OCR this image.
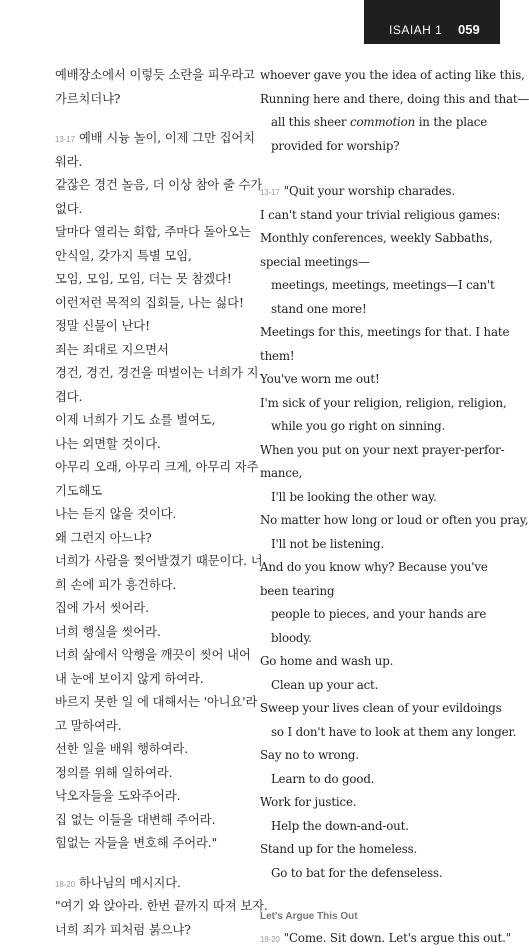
ISAIAH 1 059
예배장소에서 이렇듯 소란을 피우라고
가르치더냐?
13-17 예배 시늉 놀이, 이제 그만 집어치
워라.
같잖은 경건 놀음, 더 이상 참아 줄 수가
없다.
달마다 열리는 회합, 주마다 돌아오는
안식일, 갖가지 특별 모임,
모임, 모임, 모임, 더는 못 참겠다!
이런저런 목적의 집회들, 나는 싫다!
정말 신물이 난다!
죄는 죄대로 지으면서
경건, 경건, 경건을 떠벌이는 너희가 지
겹다.
이제 너희가 기도 쇼를 벌여도,
나는 외면할 것이다.
아무리 오래, 아무리 크게, 아무리 자주
기도해도
나는 듣지 않을 것이다.
왜 그런지 아느냐?
너희가 사람을 찢어발겼기 때문이다. 너
희 손에 피가 흥건하다.
집에 가서 씻어라.
너희 행실을 씻어라.
너희 삶에서 악행을 깨끗이 씻어 내어
내 눈에 보이지 않게 하여라.
바르지 못한 일 에 대해서는 '아니요'라
고 말하여라.
선한 일을 배워 행하여라.
정의를 위해 일하여라.
낙오자들을 도와주어라.
집 없는 이들을 대변해 주어라.
힘없는 자들을 변호해 주어라."
18-20 하나님의 메시지다.
"여기 와 앉아라. 한번 끝까지 따져 보자.
너희 죄가 피처럼 붉으냐?
whoever gave you the idea of acting like this,
Running here and there, doing this and that—
all this sheer commotion in the place
provided for worship?
13-17 "Quit your worship charades.
I can't stand your trivial religious games:
Monthly conferences, weekly Sabbaths,
special meetings—
meetings, meetings, meetings—I can't
stand one more!
Meetings for this, meetings for that. I hate
them!
You've worn me out!
I'm sick of your religion, religion, religion,
while you go right on sinning.
When you put on your next prayer-perfor-
mance,
I'll be looking the other way.
No matter how long or loud or often you pray,
I'll not be listening.
And do you know why? Because you've
been tearing
people to pieces, and your hands are
bloody.
Go home and wash up.
Clean up your act.
Sweep your lives clean of your evildoings
so I don't have to look at them any longer.
Say no to wrong.
Learn to do good.
Work for justice.
Help the down-and-out.
Stand up for the homeless.
Go to bat for the defenseless.
Let's Argue This Out
18-20 "Come. Sit down. Let's argue this out."
